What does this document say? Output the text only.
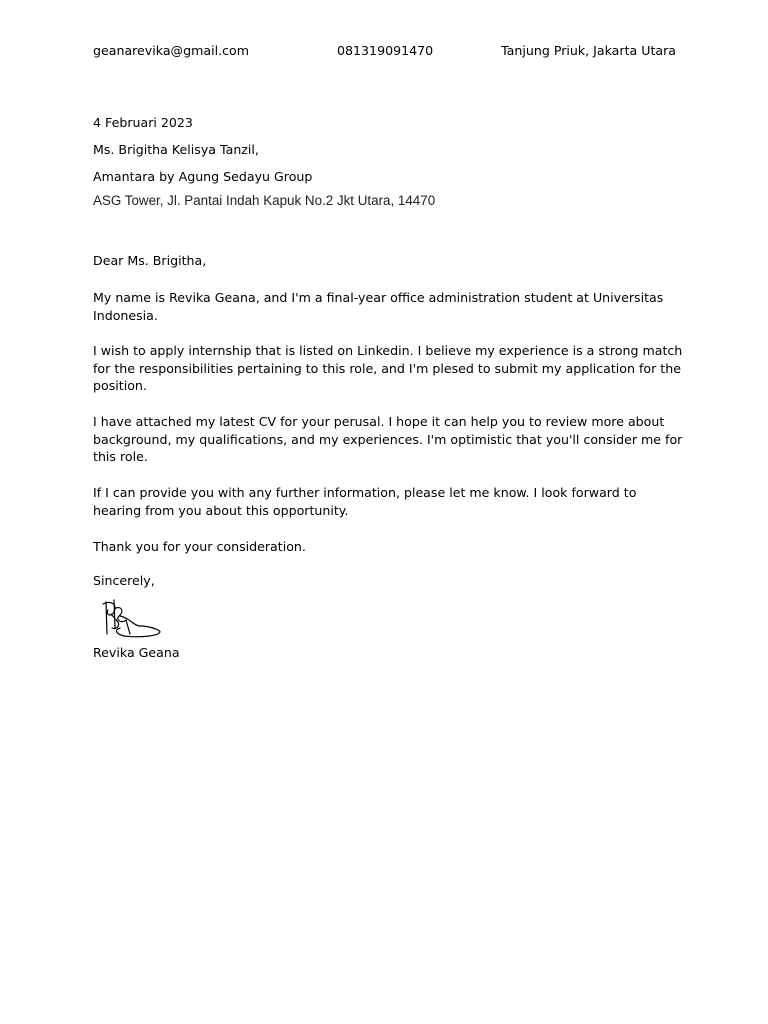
geanarevika@gmail.com	081319091470	Tanjung Priuk, Jakarta Utara
4 Februari 2023
Ms. Brigitha Kelisya Tanzil,
Amantara by Agung Sedayu Group
ASG Tower, Jl. Pantai Indah Kapuk No.2 Jkt Utara, 14470
Dear Ms. Brigitha,
My name is Revika Geana, and I'm a final-year office administration student at Universitas Indonesia.
I wish to apply internship that is listed on Linkedin. I believe my experience is a strong match for the responsibilities pertaining to this role, and I'm plesed to submit my application for the position.
I have attached my latest CV for your perusal. I hope it can help you to review more about background, my qualifications, and my experiences. I'm optimistic that you'll consider me for this role.
If I can provide you with any further information, please let me know. I look forward to hearing from you about this opportunity.
Thank you for your consideration.
Sincerely,
Revika Geana
